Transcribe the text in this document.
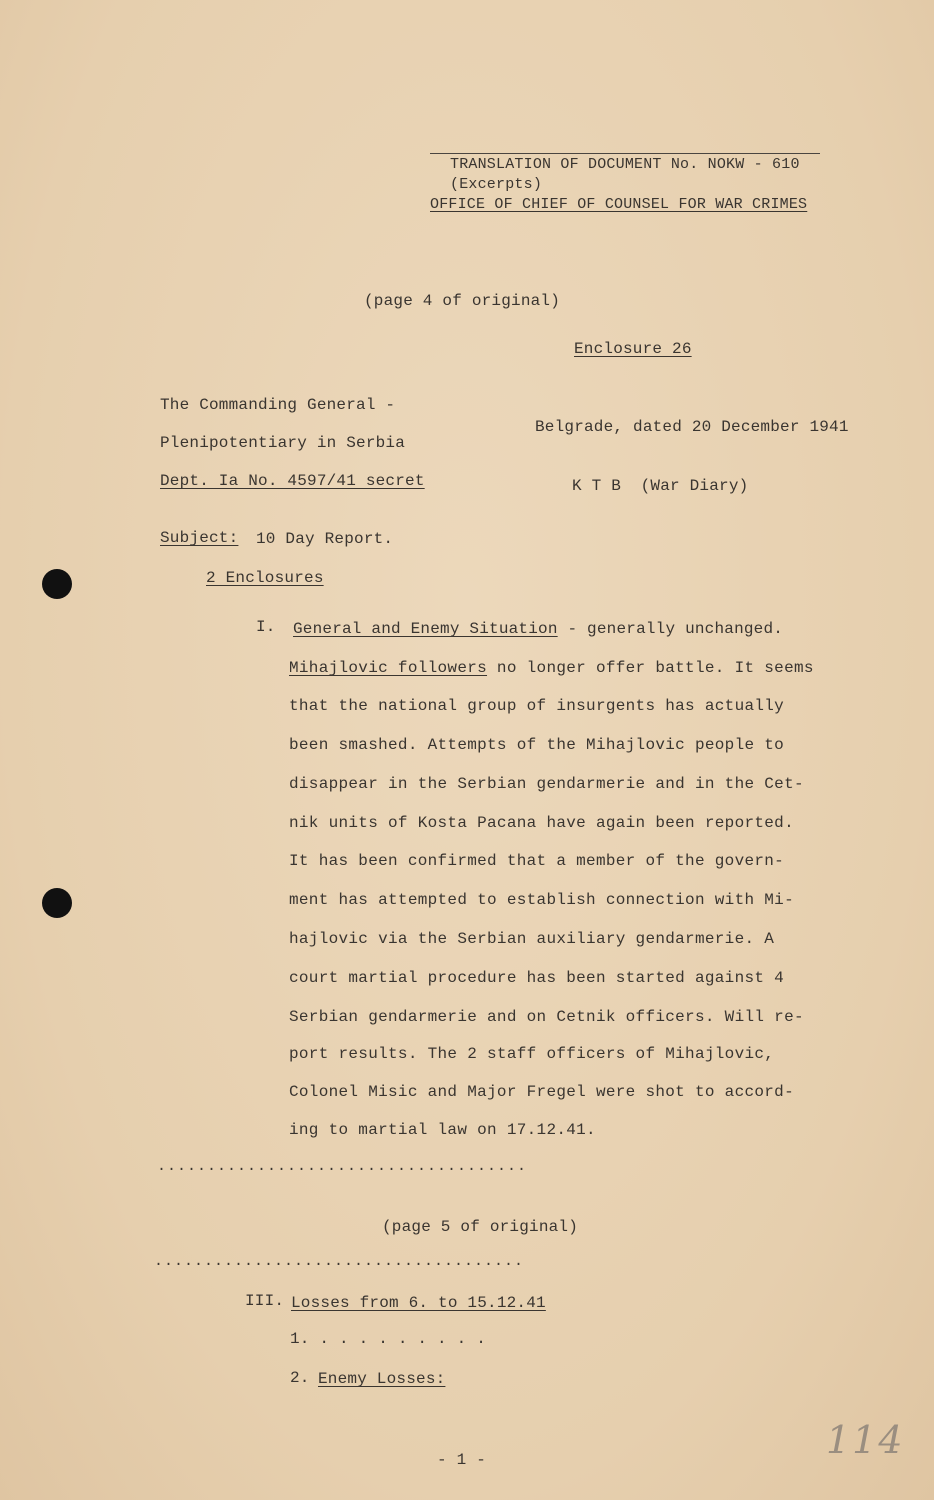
TRANSLATION OF DOCUMENT No. NOKW - 610
(Excerpts)
OFFICE OF CHIEF OF COUNSEL FOR WAR CRIMES
(page 4 of original)
Enclosure 26
The Commanding General -
Plenipotentiary in Serbia
Dept. Ia No. 4597/41 secret
Belgrade, dated 20 December 1941
K T B  (War Diary)
Subject: 10 Day Report.
2 Enclosures
I. General and Enemy Situation - generally unchanged.
Mihajlovic followers no longer offer battle. It seems
that the national group of insurgents has actually
been smashed. Attempts of the Mihajlovic people to
disappear in the Serbian gendarmerie and in the Cet-
nik units of Kosta Pacana have again been reported.
It has been confirmed that a member of the govern-
ment has attempted to establish connection with Mi-
hajlovic via the Serbian auxiliary gendarmerie. A
court martial procedure has been started against 4
Serbian gendarmerie and on Cetnik officers. Will re-
port results. The 2 staff officers of Mihajlovic,
Colonel Misic and Major Fregel were shot to accord-
ing to martial law on 17.12.41.
.....................................
(page 5 of original)
.....................................
III. Losses from 6. to 15.12.41
1. . . . . . . . . .
2. Enemy Losses:
- 1 -	114
